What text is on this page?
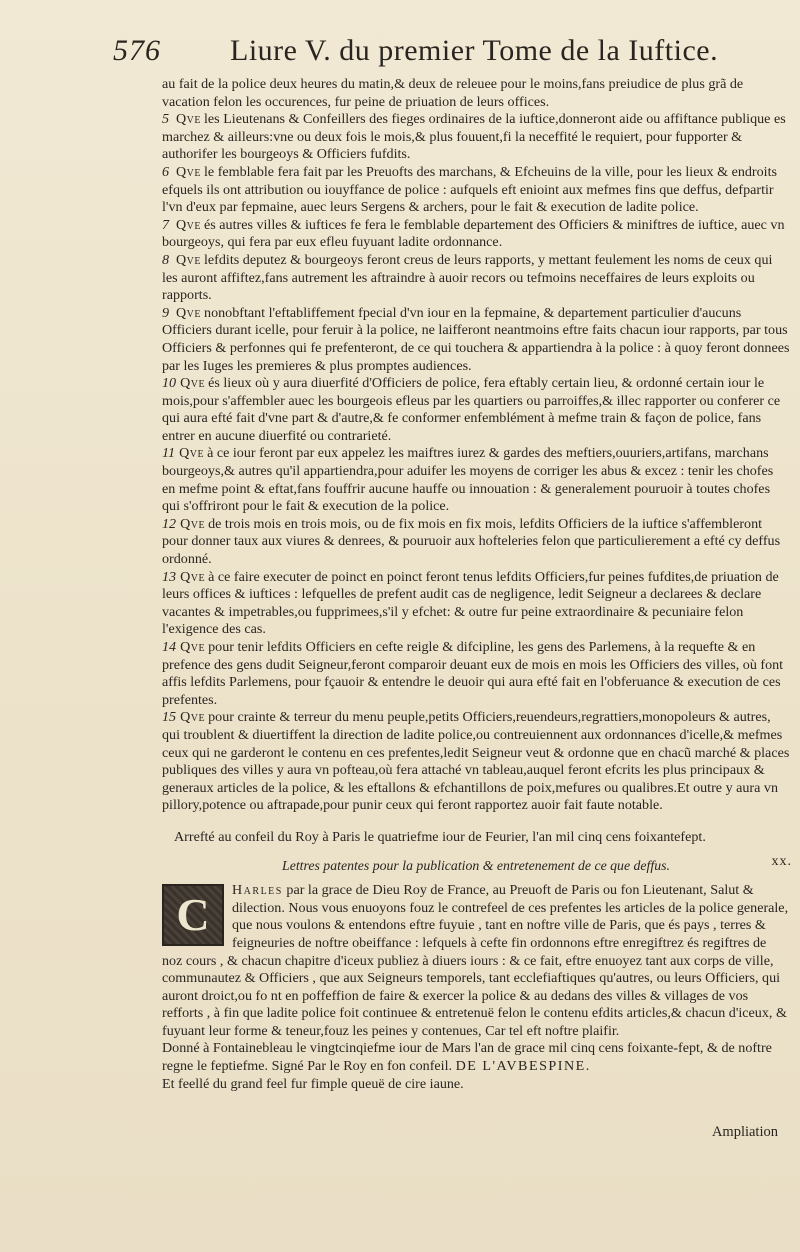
576 Liure V. du premier Tome de la Iuftice.

au fait de la police deux heures du matin,& deux de releuee pour le moins,fans preiudice de plus grã de vacation felon les occurences, fur peine de priuation de leurs offices.

5 Qve les Lieutenans & Confeillers des fieges ordinaires de la iuftice,donneront aide ou affiftance publique es marchez & ailleurs:vne ou deux fois le mois,& plus fouuent,fi la neceffité le requiert, pour fupporter & authorifer les bourgeoys & Officiers fufdits.

6 Qve le femblable fera fait par les Preuofts des marchans, & Efcheuins de la ville, pour les lieux & endroits efquels ils ont attribution ou iouyffance de police : aufquels eft enioint aux mefmes fins que deffus, defpartir l'vn d'eux par fepmaine, auec leurs Sergens & archers, pour le fait & execution de ladite police.

7 Qve és autres villes & iuftices fe fera le femblable departement des Officiers & miniftres de iuftice, auec vn bourgeoys, qui fera par eux efleu fuyuant ladite ordonnance.

8 Qve lefdits deputez & bourgeoys feront creus de leurs rapports, y mettant feulement les noms de ceux qui les auront affiftez,fans autrement les aftraindre à auoir recors ou tefmoins neceffaires de leurs exploits ou rapports.

9 Qve nonobftant l'eftabliffement fpecial d'vn iour en la fepmaine, & departement particulier d'aucuns Officiers durant icelle, pour feruir à la police, ne laifferont neantmoins eftre faits chacun iour rapports, par tous Officiers & perfonnes qui fe prefenteront, de ce qui touchera & appartiendra à la police : à quoy feront donnees par les Iuges les premieres & plus promptes audiences.

10 Qve és lieux où y aura diuerfité d'Officiers de police, fera eftably certain lieu, & ordonné certain iour le mois,pour s'affembler auec les bourgeois efleus par les quartiers ou parroiffes,& illec rapporter ou conferer ce qui aura efté fait d'vne part & d'autre,& fe conformer enfemblément à mefme train & façon de police, fans entrer en aucune diuerfité ou contrarieté.

11 Qve à ce iour feront par eux appelez les maiftres iurez & gardes des meftiers,ouuriers,artifans, marchans bourgeoys,& autres qu'il appartiendra,pour aduifer les moyens de corriger les abus & excez : tenir les chofes en mefme point & eftat,fans fouffrir aucune hauffe ou innouation : & generalement pouruoir à toutes chofes qui s'offriront pour le fait & execution de la police.

12 Qve de trois mois en trois mois, ou de fix mois en fix mois, lefdits Officiers de la iuftice s'affembleront pour donner taux aux viures & denrees, & pouruoir aux hofteleries felon que particulierement a efté cy deffus ordonné.

13 Qve à ce faire executer de poinct en poinct feront tenus lefdits Officiers,fur peines fufdites,de priuation de leurs offices & iuftices : lefquelles de prefent audit cas de negligence, ledit Seigneur a declarees & declare vacantes & impetrables,ou fupprimees,s'il y efchet: & outre fur peine extraordinaire & pecuniaire felon l'exigence des cas.

14 Qve pour tenir lefdits Officiers en cefte reigle & difcipline, les gens des Parlemens, à la requefte & en prefence des gens dudit Seigneur,feront comparoir deuant eux de mois en mois les Officiers des villes, où font affis lefdits Parlemens, pour fçauoir & entendre le deuoir qui aura efté fait en l'obferuance & execution de ces prefentes.

15 Qve pour crainte & terreur du menu peuple,petits Officiers,reuendeurs,regrattiers,monopoleurs & autres, qui troublent & diuertiffent la direction de ladite police,ou contreuiennent aux ordonnances d'icelle,& mefmes ceux qui ne garderont le contenu en ces prefentes,ledit Seigneur veut & ordonne que en chacũ marché & places publiques des villes y aura vn pofteau,où fera attaché vn tableau,auquel feront efcrits les plus principaux & generaux articles de la police, & les eftallons & efchantillons de poix,mefures ou qualibres.Et outre y aura vn pillory,potence ou aftrapade,pour punir ceux qui feront rapportez auoir fait faute notable.

Arrefté au confeil du Roy à Paris le quatriefme iour de Feurier, l'an mil cinq cens foixantefept.

Lettres patentes pour la publication & entretenement de ce que deffus.

C	Harles par la grace de Dieu Roy de France, au Preuoft de Paris ou fon Lieutenant, Salut & dilection. Nous vous enuoyons fouz le contrefeel de ces prefentes les articles de la police generale, que nous voulons & entendons eftre fuyuie , tant en noftre ville de Paris, que és pays , terres & feigneuries de noftre obeiffance : lefquels à cefte fin ordonnons eftre enregiftrez és regiftres de noz cours , & chacun chapitre d'iceux publiez à diuers iours : & ce fait, eftre enuoyez tant aux corps de ville, communautez & Officiers , que aux Seigneurs temporels, tant ecclefiaftiques qu'autres, ou leurs Officiers, qui auront droict,ou fo nt en poffeffion de faire & exercer la police & au dedans des villes & villages de vos refforts , à fin que ladite police foit continuee & entretenuë felon le contenu efdits articles,& chacun d'iceux, & fuyuant leur forme & teneur,fouz les peines y contenues, Car tel eft noftre plaifir.

Donné à Fontainebleau le vingtcinqiefme iour de Mars l'an de grace mil cinq cens foixante-fept, & de noftre regne le feptiefme. Signé Par le Roy en fon confeil. DE L'AVBESPINE.

Et feellé du grand feel fur fimple queuë de cire iaune.

xx.
Ampliation
